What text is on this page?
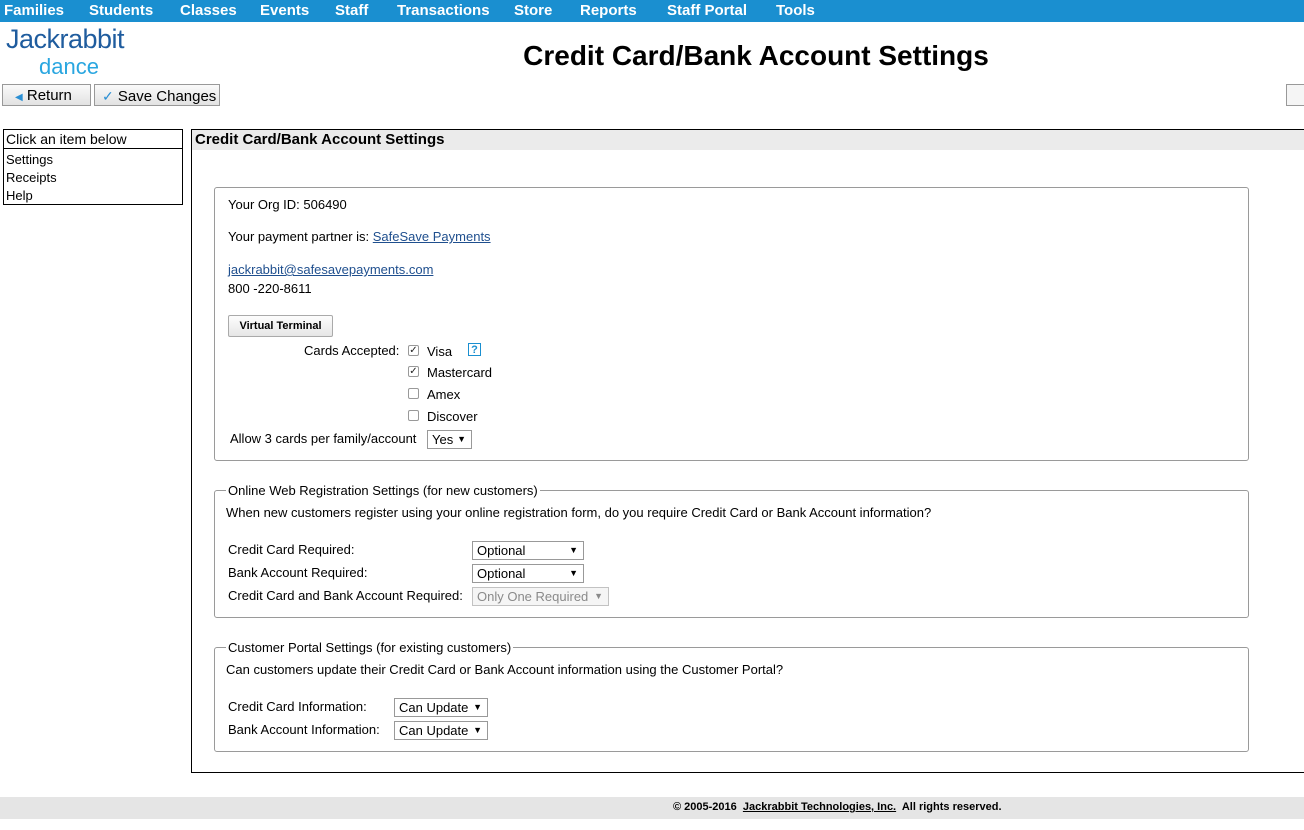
Families Students Classes Events Staff Transactions Store Reports Staff Portal Tools
Jackrabbit
dance	Credit Card/Bank Account Settings
◀ Return	✓ Save Changes
Click an item below
Settings
Receipts
Help
Credit Card/Bank Account Settings
Your Org ID: 506490
Your payment partner is: SafeSave Payments
jackrabbit@safesavepayments.com
800 -220-8611
Virtual Terminal
Cards Accepted: ✓ Visa ?
✓ Mastercard
Amex
Discover
Allow 3 cards per family/account	Yes ▼
Online Web Registration Settings (for new customers)
When new customers register using your online registration form, do you require Credit Card or Bank Account information?
Credit Card Required:	Optional	▼
Bank Account Required:	Optional	▼
Credit Card and Bank Account Required:	Only One Required ▼
Customer Portal Settings (for existing customers)
Can customers update their Credit Card or Bank Account information using the Customer Portal?
Credit Card Information:	Can Update ▼
Bank Account Information:	Can Update ▼
© 2005-2016 Jackrabbit Technologies, Inc. All rights reserved.
